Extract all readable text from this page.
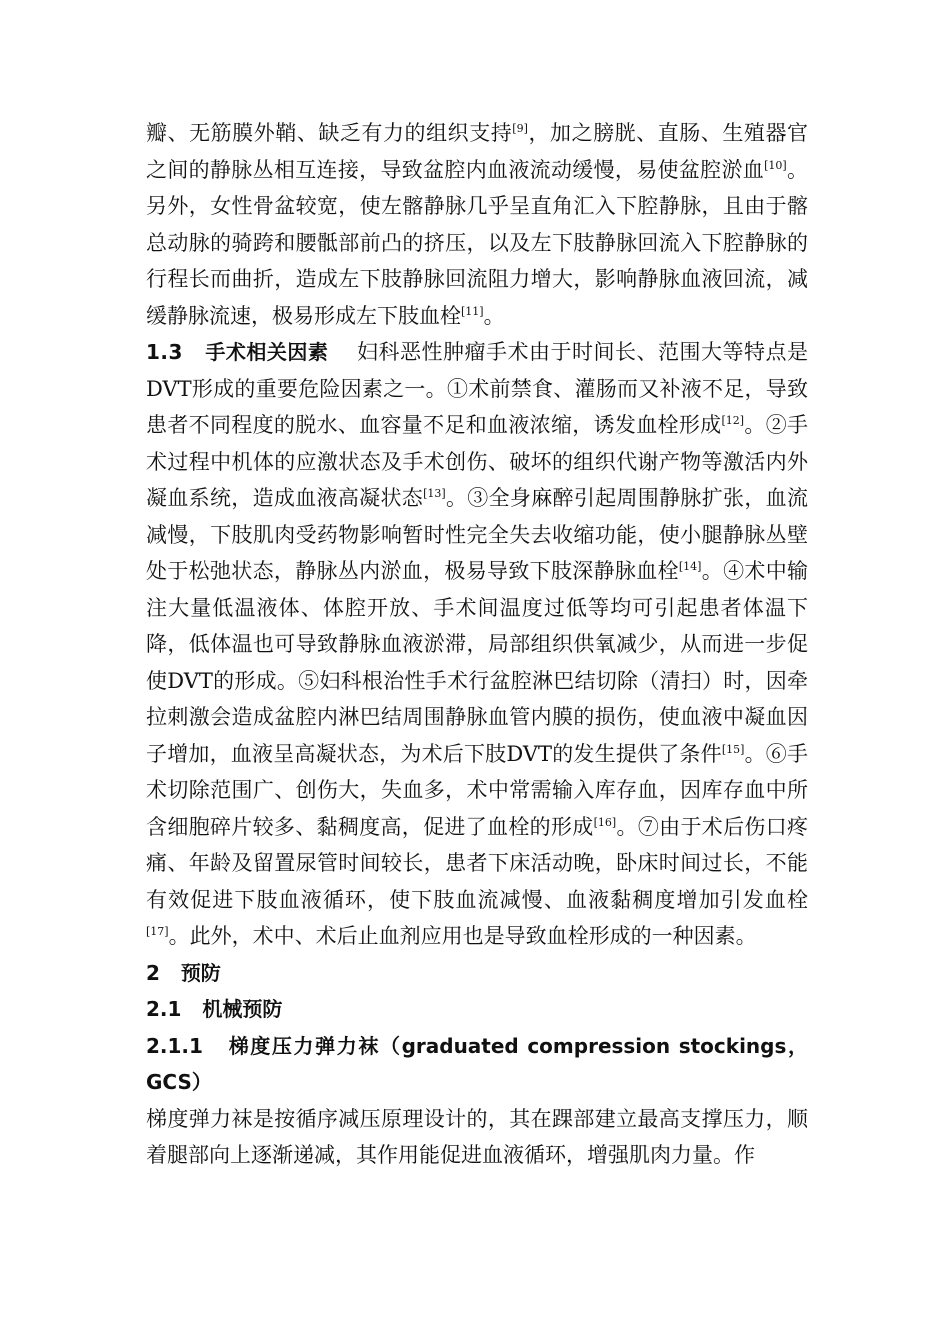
瓣、无筋膜外鞘、缺乏有力的组织支持[9]，加之膀胱、直肠、生殖器官之间的静脉丛相互连接，导致盆腔内血液流动缓慢，易使盆腔淤血[10]。另外，女性骨盆较宽，使左髂静脉几乎呈直角汇入下腔静脉，且由于髂总动脉的骑跨和腰骶部前凸的挤压，以及左下肢静脉回流入下腔静脉的行程长而曲折，造成左下肢静脉回流阻力增大，影响静脉血液回流，减缓静脉流速，极易形成左下肢血栓[11]。

1.3 手术相关因素 妇科恶性肿瘤手术由于时间长、范围大等特点是DVT形成的重要危险因素之一。①术前禁食、灌肠而又补液不足，导致患者不同程度的脱水、血容量不足和血液浓缩，诱发血栓形成[12]。②手术过程中机体的应激状态及手术创伤、破坏的组织代谢产物等激活内外凝血系统，造成血液高凝状态[13]。③全身麻醉引起周围静脉扩张，血流减慢，下肢肌肉受药物影响暂时性完全失去收缩功能，使小腿静脉丛壁处于松弛状态，静脉丛内淤血，极易导致下肢深静脉血栓[14]。④术中输注大量低温液体、体腔开放、手术间温度过低等均可引起患者体温下降，低体温也可导致静脉血液淤滞，局部组织供氧减少，从而进一步促使DVT的形成。⑤妇科根治性手术行盆腔淋巴结切除（清扫）时，因牵拉刺激会造成盆腔内淋巴结周围静脉血管内膜的损伤，使血液中凝血因子增加，血液呈高凝状态，为术后下肢DVT的发生提供了条件[15]。⑥手术切除范围广、创伤大，失血多，术中常需输入库存血，因库存血中所含细胞碎片较多、黏稠度高，促进了血栓的形成[16]。⑦由于术后伤口疼痛、年龄及留置尿管时间较长，患者下床活动晚，卧床时间过长，不能有效促进下肢血液循环，使下肢血流减慢、血液黏稠度增加引发血栓[17]。此外，术中、术后止血剂应用也是导致血栓形成的一种因素。

2 预防

2.1 机械预防

2.1.1 梯度压力弹力袜（graduated compression stockings，GCS）

梯度弹力袜是按循序减压原理设计的，其在踝部建立最高支撑压力，顺着腿部向上逐渐递减，其作用能促进血液循环，增强肌肉力量。作
